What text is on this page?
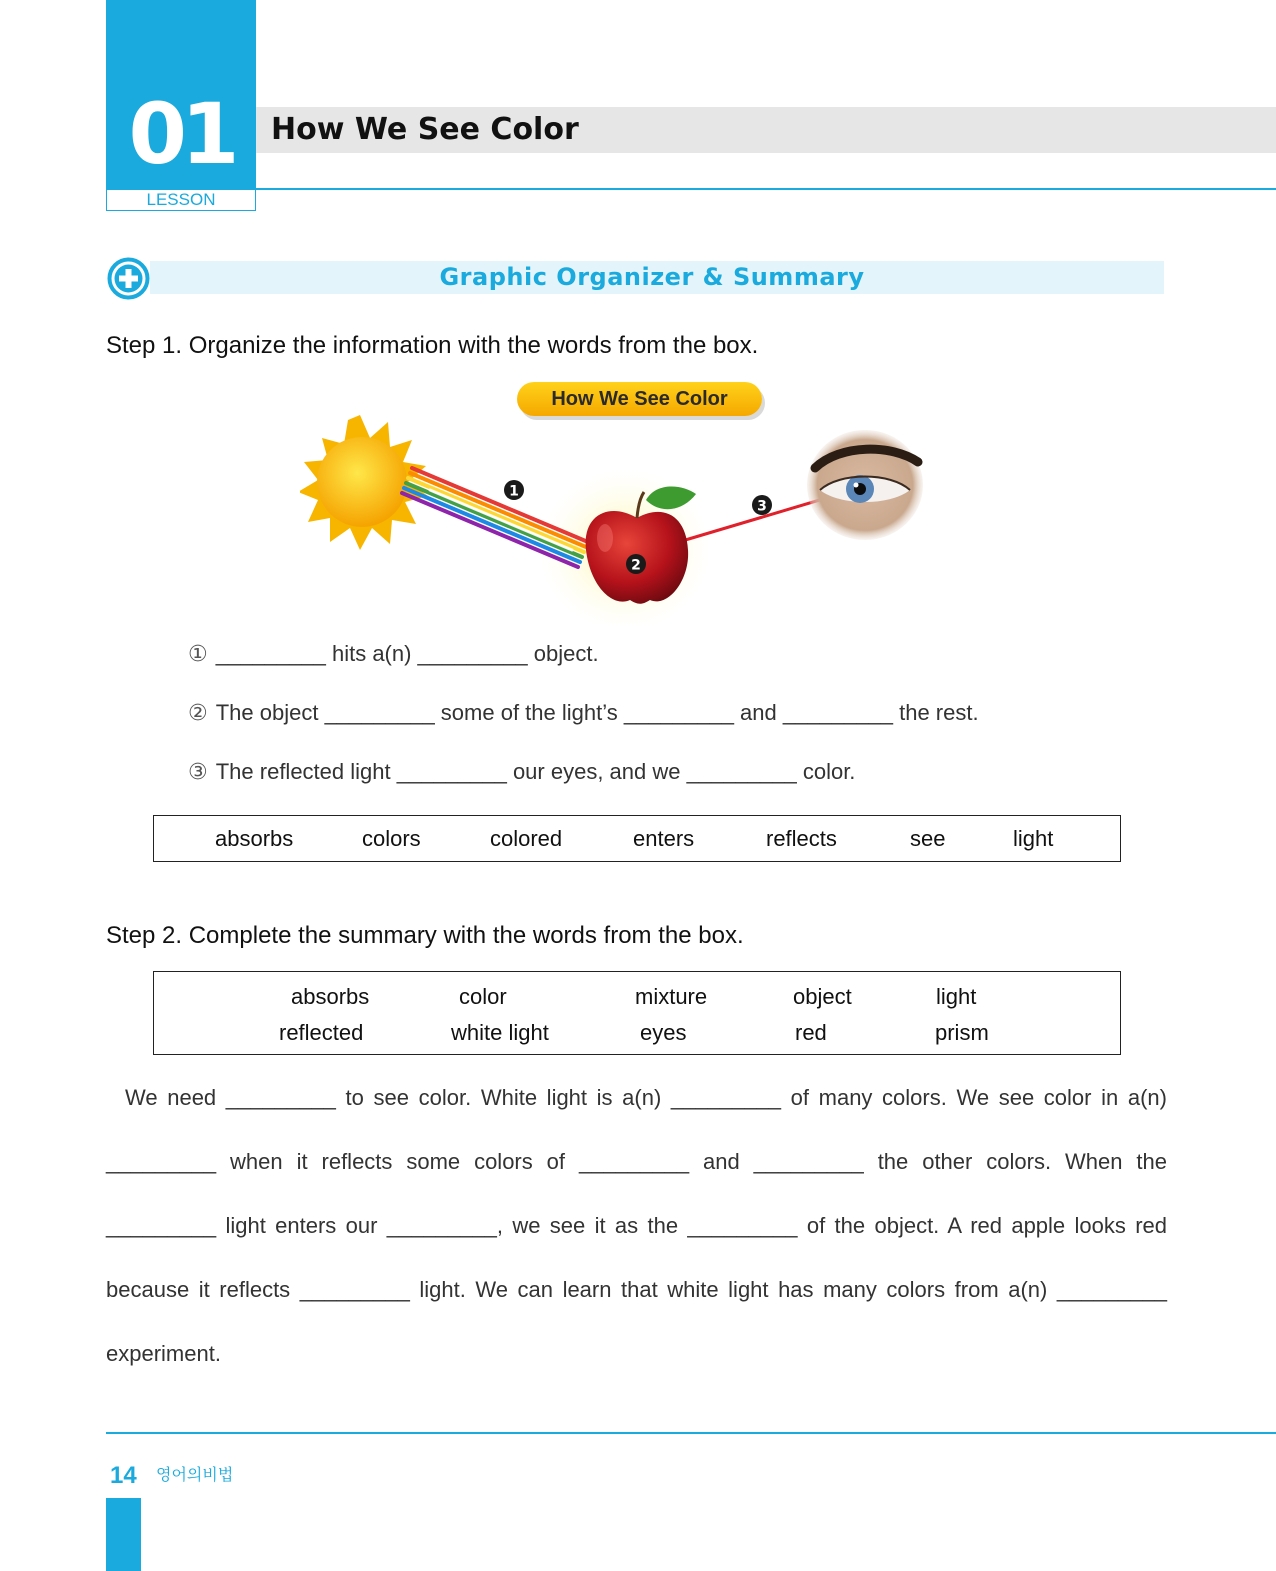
01
LESSON
How We See Color
Graphic Organizer & Summary
Step 1. Organize the information with the words from the box.
How We See Color
1
2
3
① _________ hits a(n) _________ object.
② The object _________ some of the light’s _________ and _________ the rest.
③ The reflected light _________ our eyes, and we _________ color.
absorbs	colors	colored	enters	reflects	see	light
Step 2. Complete the summary with the words from the box.
absorbs	color	mixture	object	light
reflected	white light	eyes	red	prism
We need _________ to see color. White light is a(n) _________ of many colors. We see color in a(n)
_________ when it reflects some colors of _________ and _________ the other colors. When the
_________ light enters our _________, we see it as the _________ of the object. A red apple looks red
because it reflects _________ light. We can learn that white light has many colors from a(n) _________
experiment.
14 영어의비법
